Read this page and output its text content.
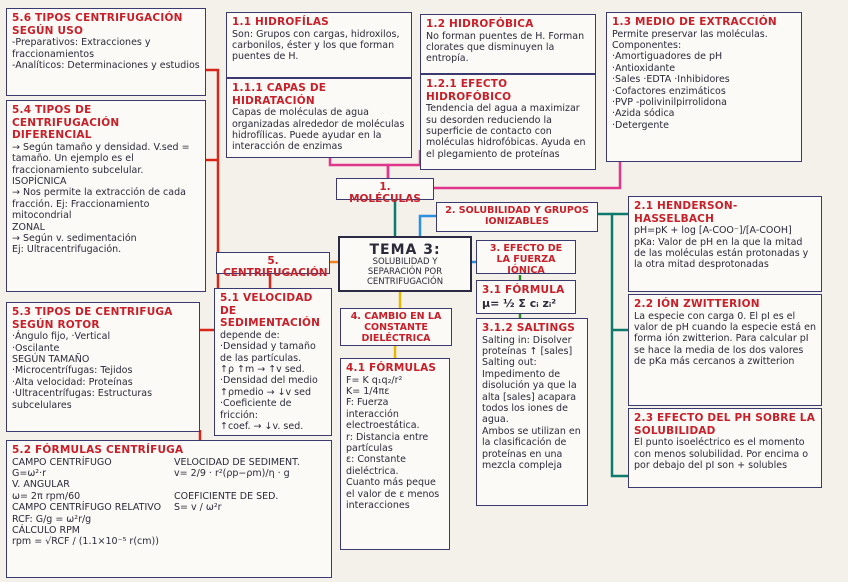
5.6 TIPOS CENTRIFUGACIÓN SEGÚN USO
-Preparativos: Extracciones y fraccionamientos
-Analíticos: Determinaciones y estudios
1.1 HIDROFÍLAS
Son: Grupos con cargas, hidroxilos, carbonilos, éster y los que forman puentes de H.
1.1.1 CAPAS DE HIDRATACIÓN
Capas de moléculas de agua organizadas alrededor de moléculas hidrofílicas. Puede ayudar en la interacción de enzimas
1.2 HIDROFÓBICA
No forman puentes de H. Forman clorates que disminuyen la entropía.
1.2.1 EFECTO HIDROFÓBICO
Tendencia del agua a maximizar su desorden reduciendo la superficie de contacto con moléculas hidrofóbicas. Ayuda en el plegamiento de proteínas
1.3 MEDIO DE EXTRACCIÓN
Permite preservar las moléculas. Componentes:
·Amortiguadores de pH
·Antioxidante
·Sales ·EDTA ·Inhibidores
·Cofactores enzimáticos
·PVP -polivinilpirrolidona
·Azida sódica
·Detergente
1. MOLÉCULAS
5.4 TIPOS DE CENTRIFUGACIÓN DIFERENCIAL
→ Según tamaño y densidad. V.sed = tamaño. Un ejemplo es el fraccionamiento subcelular.
ISOPÍCNICA
→ Nos permite la extracción de cada fracción. Ej: Fraccionamiento mitocondrial
ZONAL
→ Según v. sedimentación
Ej: Ultracentrifugación.
2. SOLUBILIDAD Y GRUPOS IONIZABLES
2.1 HENDERSON-HASSELBACH
pH=pK + log [A-COO⁻]/[A-COOH]
pKa: Valor de pH en la que la mitad de las moléculas están protonadas y la otra mitad desprotonadas
TEMA 3:
SOLUBILIDAD Y
SEPARACIÓN POR
CENTRIFUGACIÓN
5. CENTRIFUGACIÓN
3. EFECTO DE LA FUERZA IÓNICA
3.1 FÓRMULA
μ= ½ Σ cᵢ zᵢ²
3.1.2 SALTINGS
Salting in: Disolver proteínas ↑ [sales]
Salting out: Impedimento de disolución ya que la alta [sales] acapara todos los iones de agua.
Ambos se utilizan en la clasificación de proteínas en una mezcla compleja
2.2 IÓN ZWITTERION
La especie con carga 0. El pI es el valor de pH cuando la especie está en forma ión zwitterion. Para calcular pI se hace la media de los dos valores de pKa más cercanos a zwitterion
2.3 EFECTO DEL PH SOBRE LA SOLUBILIDAD
El punto isoeléctrico es el momento con menos solubilidad. Por encima o por debajo del pI son + solubles
5.3 TIPOS DE CENTRIFUGA SEGÚN ROTOR
·Ángulo fijo, ·Vertical
·Oscilante
SEGÚN TAMAÑO
·Microcentrífugas: Tejidos
·Alta velocidad: Proteínas
·Ultracentrífugas: Estructuras subcelulares
5.1 VELOCIDAD DE SEDIMENTACIÓN
depende de:
·Densidad y tamaño de las partículas.
↑ρ ↑m → ↑v sed.
·Densidad del medio
↑ρmedio → ↓v sed
·Coeficiente de fricción:
↑coef. → ↓v. sed.
4. CAMBIO EN LA CONSTANTE DIELÉCTRICA
4.1 FÓRMULAS
F= K q₁q₂/r²
K= 1/4πε
F: Fuerza interacción electroestática.
r: Distancia entre partículas
ε: Constante dieléctrica.
Cuanto más peque el valor de ε menos interacciones
5.2 FÓRMULAS CENTRÍFUGA
CAMPO CENTRÍFUGO
G=ω²·r
V. ANGULAR
ω= 2π rpm/60
CAMPO CENTRÍFUGO RELATIVO
RCF: G/g = ω²r/g
CÁLCULO RPM
rpm = √RCF / (1.1×10⁻⁵ r(cm))
VELOCIDAD DE SEDIMENT.
v= 2/9 · r²(ρp−ρm)/η · g

COEFICIENTE DE SED.
S= v / ω²r
